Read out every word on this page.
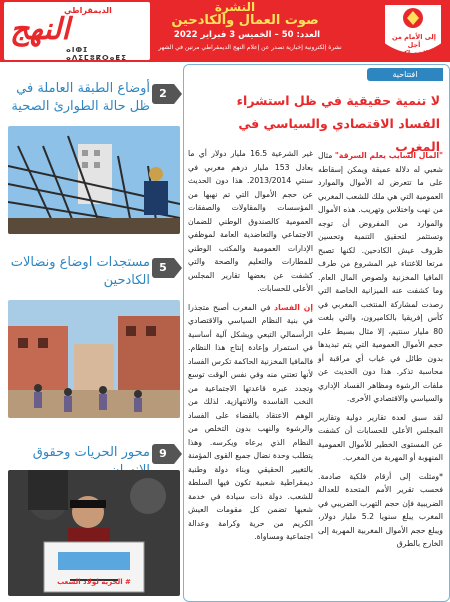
الديمقراطي
النهج
ⴰⵏⵀⵊ ⴰⴷⵉⵎⵓⴽⵔⴰⵟⵉ
النشرة
صوت العمال والكادحين
العدد: 50 – الخميس 3 فبراير 2022
نشرة إلكترونية إخبارية تصدر عن إعلام النهج الديمقراطي مرتين في الشهر
إلى الأمام من أجل الاشتراكية
2
أوضاع الطبقة العاملة في ظل حالة الطوارئ الصحية
5
مستجدات اوضاع ونضالات الكادحين
9
محور الحريات وحقوق
# الحرية لولاد الشعب
افتتاحية
لا تنمية حقيقية في ظل استشراء الفساد الاقتصادي والسياسي في المغرب

"المال السايب يعلم السرقة" مثال شعبي له دلالة عميقة ويمكن إسقاطه على ما تتعرض له الأموال والموارد العمومية التي هي ملك للشعب المغربي من نهب واختلاس وتهريب. هذه الأموال والموارد من المفروض أن توجه وتستثمر لتحقيق التنمية وتحسين ظروف عيش الكادحين. لكنها تصبح مرتعا للاغتناء غير المشروع من طرف المافيا المخزنية ولصوص المال العام. وما كشفت عنه الميزانية الخاصة التي رصدت لمشاركة المنتخب المغربي في كأس إفريقيا بالكاميرون، والتي بلغت 80 مليار سنتيم، إلا مثال بسيط على حجم الأموال العمومية التي يتم تبديدها بدون طائل في غياب أي مراقبة أو محاسبة تذكر. هذا دون الحديث عن ملفات الرشوة ومظاهر الفساد الإداري والسياسي والاقتصادي الأخرى.

لقد سبق لعدة تقارير دولية وتقارير المجلس الأعلى للحسابات أن كشفت عن المستوى الخطير للأموال العمومية المنهوبة أو المهربة من المغرب.

*ومثلت إلى أرقام فلكية صادمة. فحسب تقرير الأمم المتحدة للعدالة الضريبية فإن حجم التهرب الضريبي في المغرب يبلغ سنويا 5.2 مليار دولار، ويبلغ حجم الأموال المغربية المهربة إلى الخارج بالطرق

غير الشرعية 16.5 مليار دولار أي ما يعادل 153 مليار درهم مغربي في سنتي 2013/2014. هذا دون الحديث عن حجم الأموال التي تم نهبها من المؤسسات والمقاولات والصفقات العمومية كالصندوق الوطني للضمان الاجتماعي والتعاضدية العامة لموظفي الإدارات العمومية والمكتب الوطني للمطارات والتعليم والصحة والتي كشفت عن بعضها تقارير المجلس الأعلى للحسابات.

إن الفساد في المغرب أصبح متجذرا في بنية النظام السياسي والاقتصادي الرأسمالي التبعي ويشكل آلية أساسية في استمرار وإعادة إنتاج هذا النظام. فالمافيا المخزنية الحاكمة تكرس الفساد لأنها تعتني منه وفي نفس الوقت توسع وتجدد عبره قاعدتها الاجتماعية من النخب الفاسدة والانتهازية. لذلك من الوهم الاعتقاد بالقضاء على الفساد والرشوة والنهب بدون التخلص من النظام الذي يرعاه ويكرسه. وهذا يتطلب وحدة نضال جميع القوى المؤمنة بالتغيير الحقيقي وبناء دولة وطنية ديمقراطية شعبية تكون فيها السلطة للشعب. دولة ذات سيادة في خدمة شعبها تضمن كل مقومات العيش الكريم من حرية وكرامة وعدالة اجتماعية ومساواة.
